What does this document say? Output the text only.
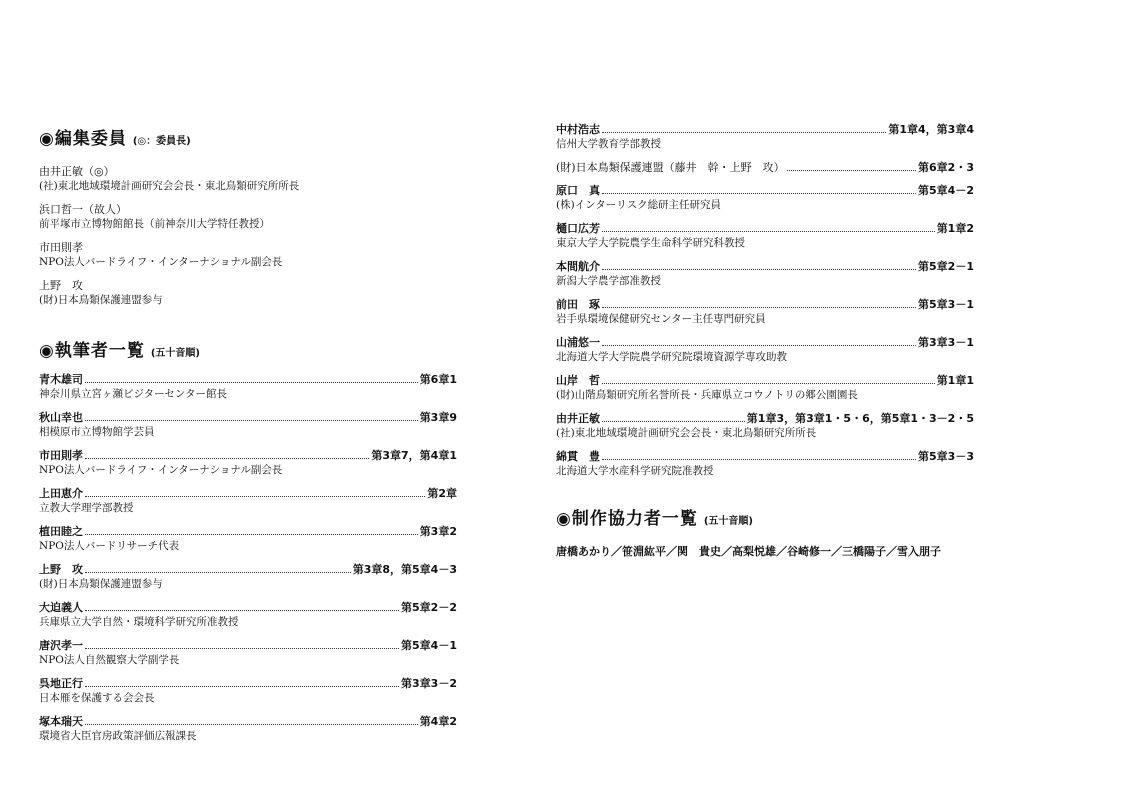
◉編集委員 (◎：委員長)
由井正敏（◎）
(社)東北地域環境計画研究会会長・東北鳥類研究所所長
浜口哲一（故人）
前平塚市立博物館館長（前神奈川大学特任教授）
市田則孝
NPO法人バードライフ・インターナショナル副会長
上野　攻
(財)日本鳥類保護連盟参与
◉執筆者一覧 (五十音順)
青木雄司	第6章1
神奈川県立宮ヶ瀬ビジターセンター館長
秋山幸也	第3章9
相模原市立博物館学芸員
市田則孝	第3章7，第4章1
NPO法人バードライフ・インターナショナル副会長
上田恵介	第2章
立教大学理学部教授
植田睦之	第3章2
NPO法人バードリサーチ代表
上野　攻	第3章8，第5章4－3
(財)日本鳥類保護連盟参与
大迫義人	第5章2－2
兵庫県立大学自然・環境科学研究所准教授
唐沢孝一	第5章4－1
NPO法人自然観察大学副学長
呉地正行	第3章3－2
日本雁を保護する会会長
塚本瑞天	第4章2
環境省大臣官房政策評価広報課長
中村浩志	第1章4，第3章4
信州大学教育学部教授
(財)日本鳥類保護連盟（藤井　幹・上野　攻）	第6章2・3
原口　真	第5章4－2
(株)インターリスク総研主任研究員
樋口広芳	第1章2
東京大学大学院農学生命科学研究科教授
本間航介	第5章2－1
新潟大学農学部准教授
前田　琢	第5章3－1
岩手県環境保健研究センター主任専門研究員
山浦悠一	第3章3－1
北海道大学大学院農学研究院環境資源学専攻助教
山岸　哲	第1章1
(財)山階鳥類研究所名誉所長・兵庫県立コウノトリの郷公園園長
由井正敏	第1章3，第3章1・5・6，第5章1・3－2・5
(社)東北地域環境計画研究会会長・東北鳥類研究所所長
綿貫　豊	第5章3－3
北海道大学水産科学研究院准教授
◉制作協力者一覧 (五十音順)
唐橋あかり／笹淵紘平／関　貴史／高梨悦雄／谷崎修一／三橋陽子／雪入朋子
